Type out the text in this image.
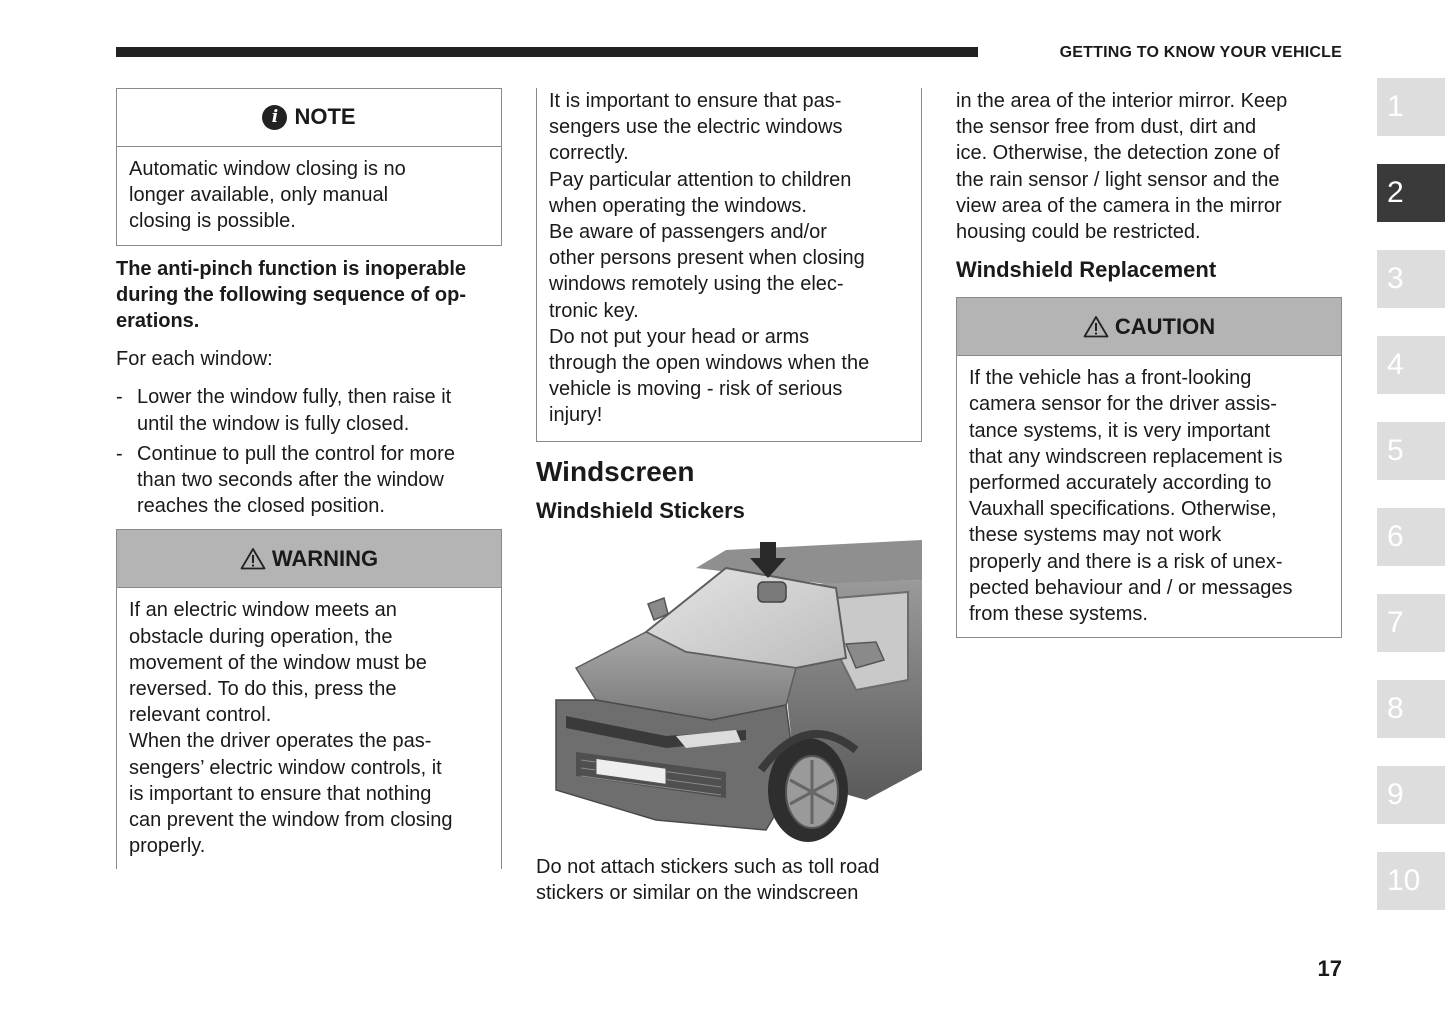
GETTING TO KNOW YOUR VEHICLE
i NOTE
Automatic window closing is no
longer available, only manual
closing is possible.

The anti-pinch function is inoperable
during the following sequence of op-
erations.

For each window:

- Lower the window fully, then raise it
until the window is fully closed.
- Continue to pull the control for more
than two seconds after the window
reaches the closed position.
WARNING
If an electric window meets an
obstacle during operation, the
movement of the window must be
reversed. To do this, press the
relevant control.
When the driver operates the pas-
sengers’ electric window controls, it
is important to ensure that nothing
can prevent the window from closing
properly.
It is important to ensure that pas-
sengers use the electric windows
correctly.
Pay particular attention to children
when operating the windows.
Be aware of passengers and/or
other persons present when closing
windows remotely using the elec-
tronic key.
Do not put your head or arms
through the open windows when the
vehicle is moving - risk of serious
injury!
Windscreen
Windshield Stickers

Do not attach stickers such as toll road
stickers or similar on the windscreen

in the area of the interior mirror. Keep
the sensor free from dust, dirt and
ice. Otherwise, the detection zone of
the rain sensor / light sensor and the
view area of the camera in the mirror
housing could be restricted.

Windshield Replacement
CAUTION
If the vehicle has a front-looking
camera sensor for the driver assis-
tance systems, it is very important
that any windscreen replacement is
performed accurately according to
Vauxhall specifications. Otherwise,
these systems may not work
properly and there is a risk of unex-
pected behaviour and / or messages
from these systems.
1
2
3
4
5
6
7
8
9
10
17
